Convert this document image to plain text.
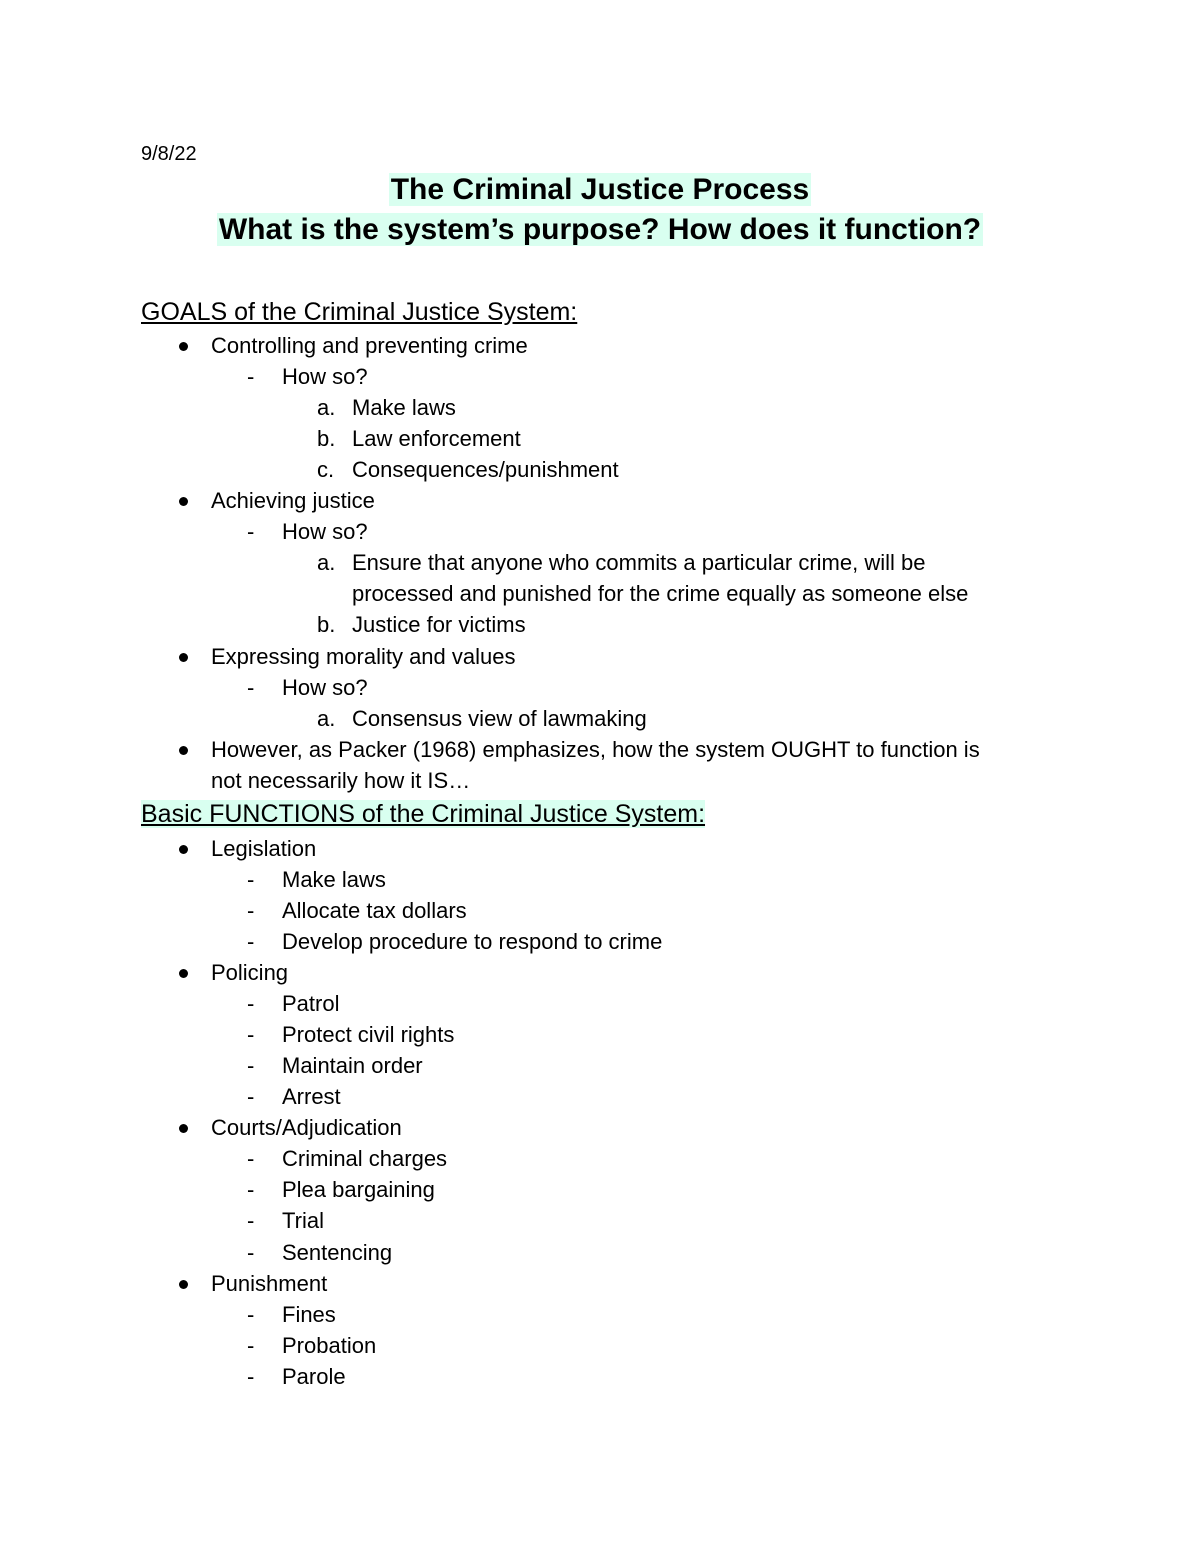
9/8/22
The Criminal Justice Process
What is the system’s purpose? How does it function?
GOALS of the Criminal Justice System:
Controlling and preventing crime
- How so?
a. Make laws
b. Law enforcement
c. Consequences/punishment
Achieving justice
- How so?
a. Ensure that anyone who commits a particular crime, will be
processed and punished for the crime equally as someone else
b. Justice for victims
Expressing morality and values
- How so?
a. Consensus view of lawmaking
However, as Packer (1968) emphasizes, how the system OUGHT to function is
not necessarily how it IS…
Basic FUNCTIONS of the Criminal Justice System:
Legislation
- Make laws
- Allocate tax dollars
- Develop procedure to respond to crime
Policing
- Patrol
- Protect civil rights
- Maintain order
- Arrest
Courts/Adjudication
- Criminal charges
- Plea bargaining
- Trial
- Sentencing
Punishment
- Fines
- Probation
- Parole
